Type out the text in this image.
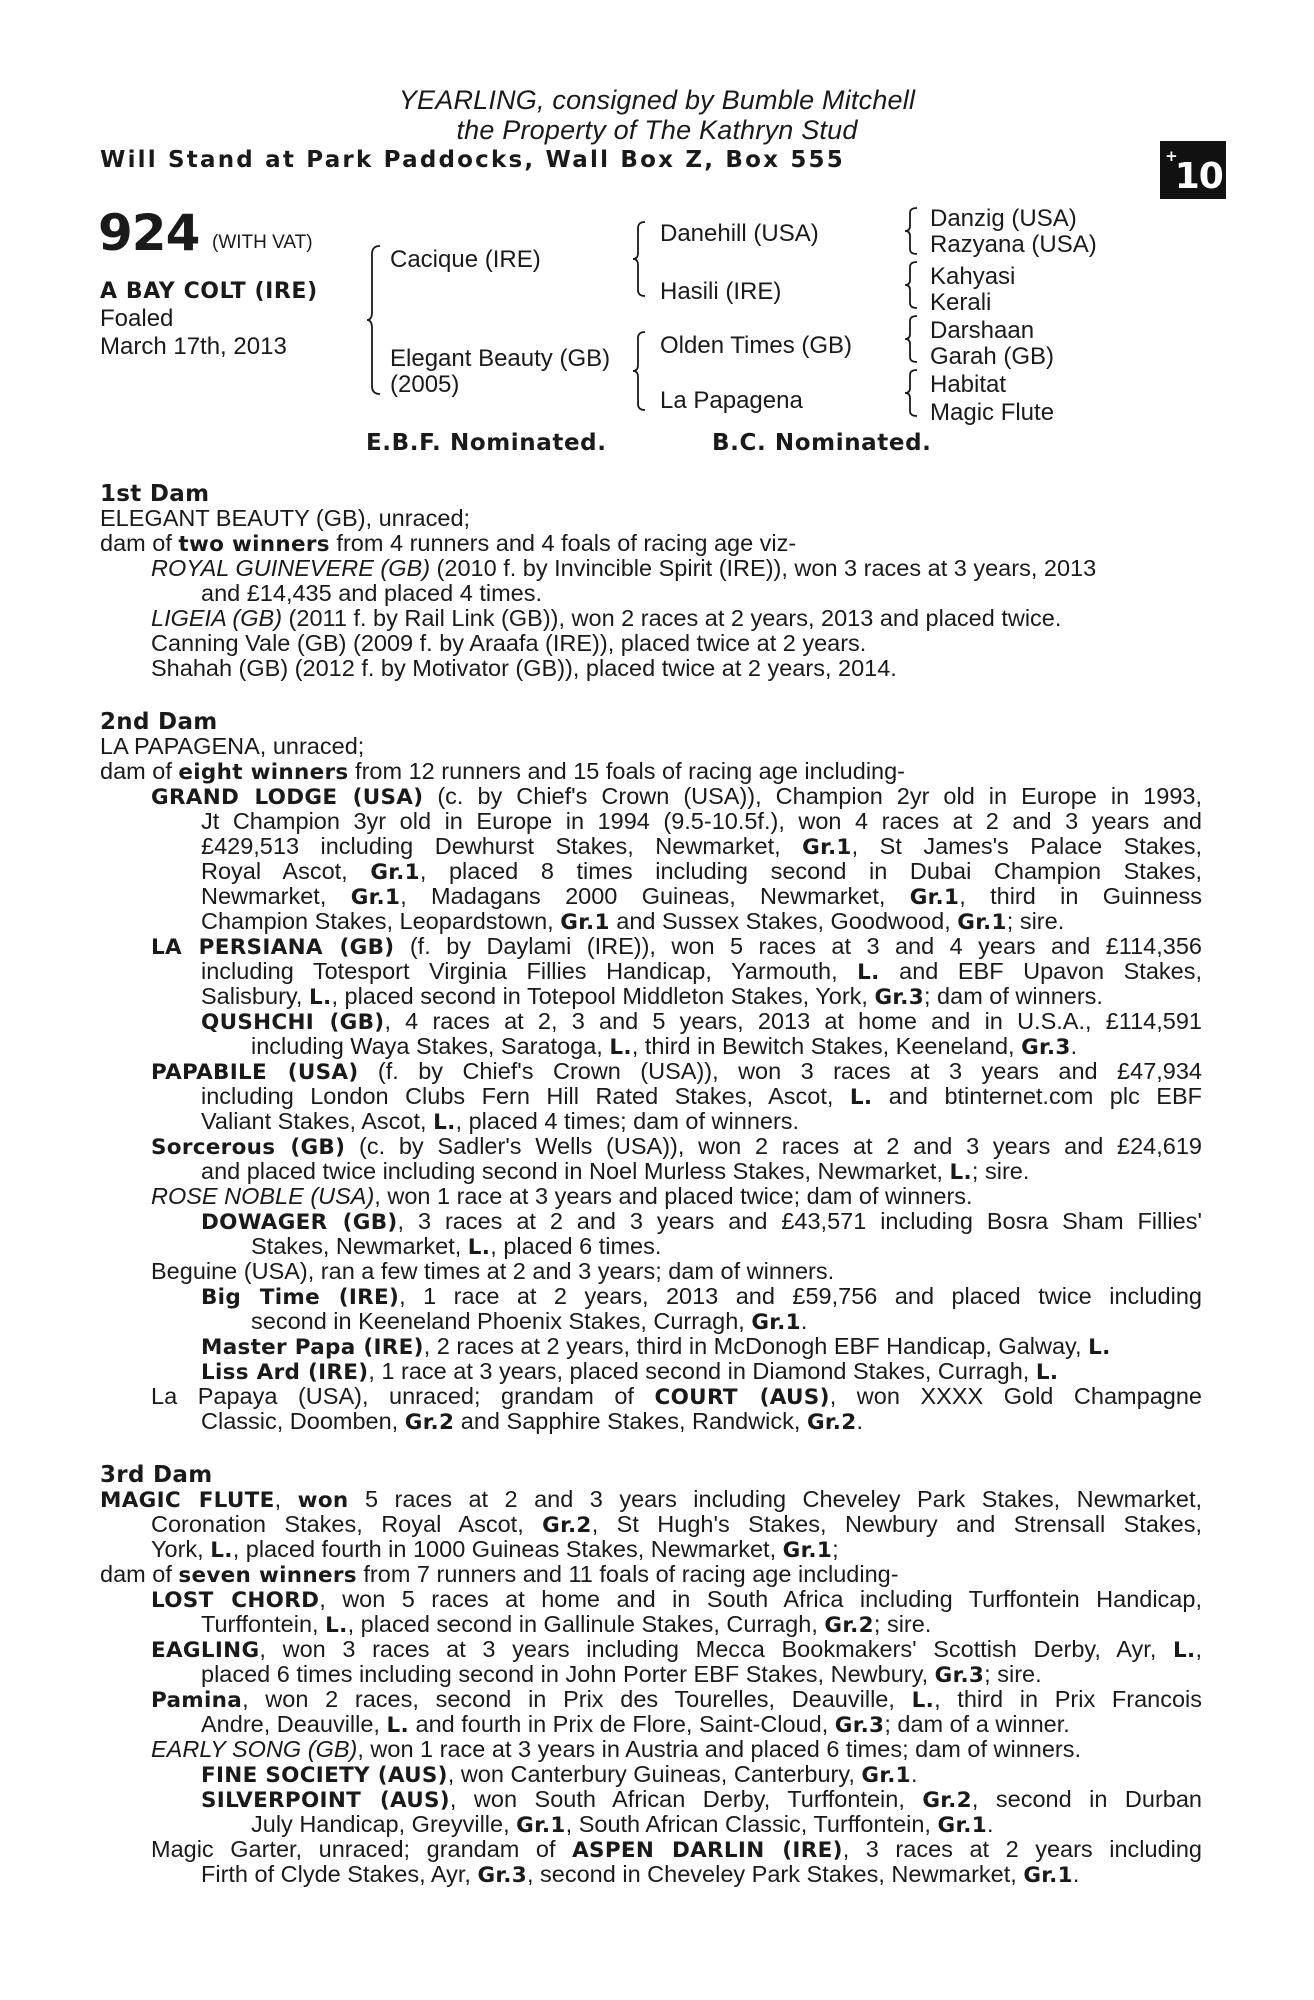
YEARLING, consigned by Bumble Mitchell
the Property of The Kathryn Stud
Will Stand at Park Paddocks, Wall Box Z, Box 555	+10
924 (WITH VAT)
A BAY COLT (IRE)
Foaled
March 17th, 2013
Cacique (IRE)
Elegant Beauty (GB)
(2005)
Danehill (USA)
Hasili (IRE)
Olden Times (GB)
La Papagena
Danzig (USA)
Razyana (USA)
Kahyasi
Kerali
Darshaan
Garah (GB)
Habitat
Magic Flute
E.B.F. Nominated.	B.C. Nominated.
1st Dam
ELEGANT BEAUTY (GB), unraced;
dam of two winners from 4 runners and 4 foals of racing age viz-
ROYAL GUINEVERE (GB) (2010 f. by Invincible Spirit (IRE)), won 3 races at 3 years, 2013
and £14,435 and placed 4 times.
LIGEIA (GB) (2011 f. by Rail Link (GB)), won 2 races at 2 years, 2013 and placed twice.
Canning Vale (GB) (2009 f. by Araafa (IRE)), placed twice at 2 years.
Shahah (GB) (2012 f. by Motivator (GB)), placed twice at 2 years, 2014.
2nd Dam
LA PAPAGENA, unraced;
dam of eight winners from 12 runners and 15 foals of racing age including-
GRAND LODGE (USA) (c. by Chief's Crown (USA)), Champion 2yr old in Europe in 1993,
Jt Champion 3yr old in Europe in 1994 (9.5-10.5f.), won 4 races at 2 and 3 years and
£429,513 including Dewhurst Stakes, Newmarket, Gr.1, St James's Palace Stakes,
Royal Ascot, Gr.1, placed 8 times including second in Dubai Champion Stakes,
Newmarket, Gr.1, Madagans 2000 Guineas, Newmarket, Gr.1, third in Guinness
Champion Stakes, Leopardstown, Gr.1 and Sussex Stakes, Goodwood, Gr.1; sire.
LA PERSIANA (GB) (f. by Daylami (IRE)), won 5 races at 3 and 4 years and £114,356
including Totesport Virginia Fillies Handicap, Yarmouth, L. and EBF Upavon Stakes,
Salisbury, L., placed second in Totepool Middleton Stakes, York, Gr.3; dam of winners.
QUSHCHI (GB), 4 races at 2, 3 and 5 years, 2013 at home and in U.S.A., £114,591
including Waya Stakes, Saratoga, L., third in Bewitch Stakes, Keeneland, Gr.3.
PAPABILE (USA) (f. by Chief's Crown (USA)), won 3 races at 3 years and £47,934
including London Clubs Fern Hill Rated Stakes, Ascot, L. and btinternet.com plc EBF
Valiant Stakes, Ascot, L., placed 4 times; dam of winners.
Sorcerous (GB) (c. by Sadler's Wells (USA)), won 2 races at 2 and 3 years and £24,619
and placed twice including second in Noel Murless Stakes, Newmarket, L.; sire.
ROSE NOBLE (USA), won 1 race at 3 years and placed twice; dam of winners.
DOWAGER (GB), 3 races at 2 and 3 years and £43,571 including Bosra Sham Fillies'
Stakes, Newmarket, L., placed 6 times.
Beguine (USA), ran a few times at 2 and 3 years; dam of winners.
Big Time (IRE), 1 race at 2 years, 2013 and £59,756 and placed twice including
second in Keeneland Phoenix Stakes, Curragh, Gr.1.
Master Papa (IRE), 2 races at 2 years, third in McDonogh EBF Handicap, Galway, L.
Liss Ard (IRE), 1 race at 3 years, placed second in Diamond Stakes, Curragh, L.
La Papaya (USA), unraced; grandam of COURT (AUS), won XXXX Gold Champagne
Classic, Doomben, Gr.2 and Sapphire Stakes, Randwick, Gr.2.
3rd Dam
MAGIC FLUTE, won 5 races at 2 and 3 years including Cheveley Park Stakes, Newmarket,
Coronation Stakes, Royal Ascot, Gr.2, St Hugh's Stakes, Newbury and Strensall Stakes,
York, L., placed fourth in 1000 Guineas Stakes, Newmarket, Gr.1;
dam of seven winners from 7 runners and 11 foals of racing age including-
LOST CHORD, won 5 races at home and in South Africa including Turffontein Handicap,
Turffontein, L., placed second in Gallinule Stakes, Curragh, Gr.2; sire.
EAGLING, won 3 races at 3 years including Mecca Bookmakers' Scottish Derby, Ayr, L.,
placed 6 times including second in John Porter EBF Stakes, Newbury, Gr.3; sire.
Pamina, won 2 races, second in Prix des Tourelles, Deauville, L., third in Prix Francois
Andre, Deauville, L. and fourth in Prix de Flore, Saint-Cloud, Gr.3; dam of a winner.
EARLY SONG (GB), won 1 race at 3 years in Austria and placed 6 times; dam of winners.
FINE SOCIETY (AUS), won Canterbury Guineas, Canterbury, Gr.1.
SILVERPOINT (AUS), won South African Derby, Turffontein, Gr.2, second in Durban
July Handicap, Greyville, Gr.1, South African Classic, Turffontein, Gr.1.
Magic Garter, unraced; grandam of ASPEN DARLIN (IRE), 3 races at 2 years including
Firth of Clyde Stakes, Ayr, Gr.3, second in Cheveley Park Stakes, Newmarket, Gr.1.
